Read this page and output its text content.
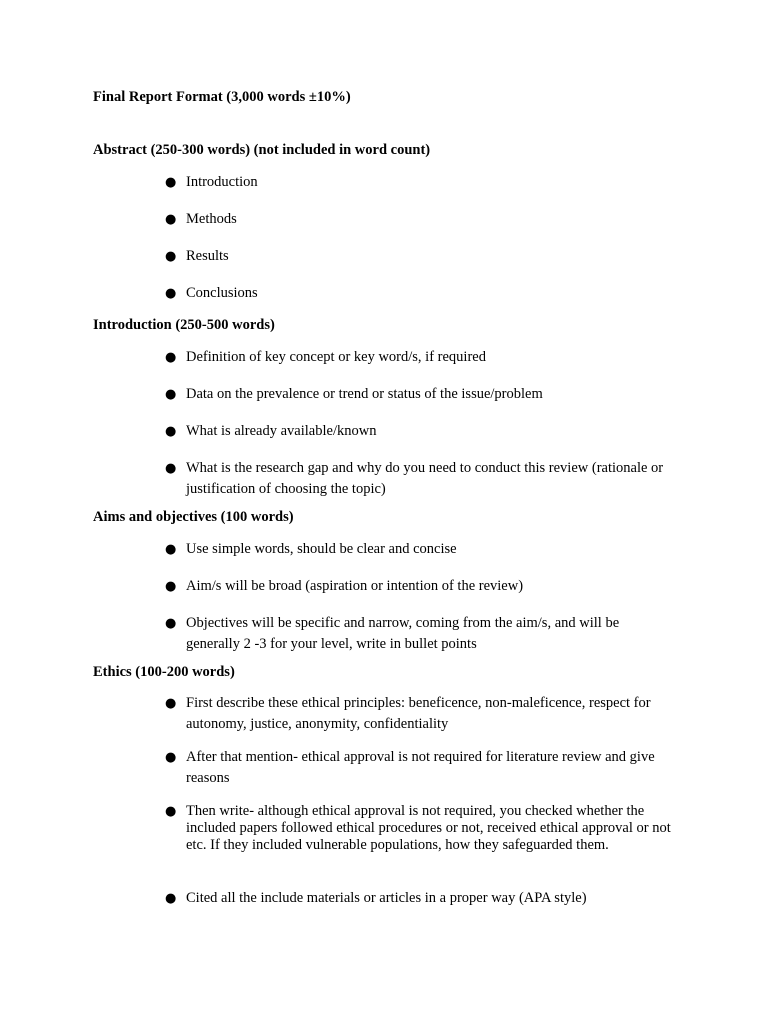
Final Report Format (3,000 words ±10%)
Abstract (250-300 words) (not included in word count)
● Introduction
● Methods
● Results
● Conclusions
Introduction (250-500 words)
● Definition of key concept or key word/s, if required
● Data on the prevalence or trend or status of the issue/problem
● What is already available/known
● What is the research gap and why do you need to conduct this review (rationale or justification of choosing the topic)
Aims and objectives (100 words)
● Use simple words, should be clear and concise
● Aim/s will be broad (aspiration or intention of the review)
● Objectives will be specific and narrow, coming from the aim/s, and will be generally 2 -3 for your level, write in bullet points
Ethics (100-200 words)
● First describe these ethical principles: beneficence, non-maleficence, respect for autonomy, justice, anonymity, confidentiality
● After that mention- ethical approval is not required for literature review and give reasons
● Then write- although ethical approval is not required, you checked whether the included papers followed ethical procedures or not, received ethical approval or not etc. If they included vulnerable populations, how they safeguarded them.
● Cited all the include materials or articles in a proper way (APA style)
